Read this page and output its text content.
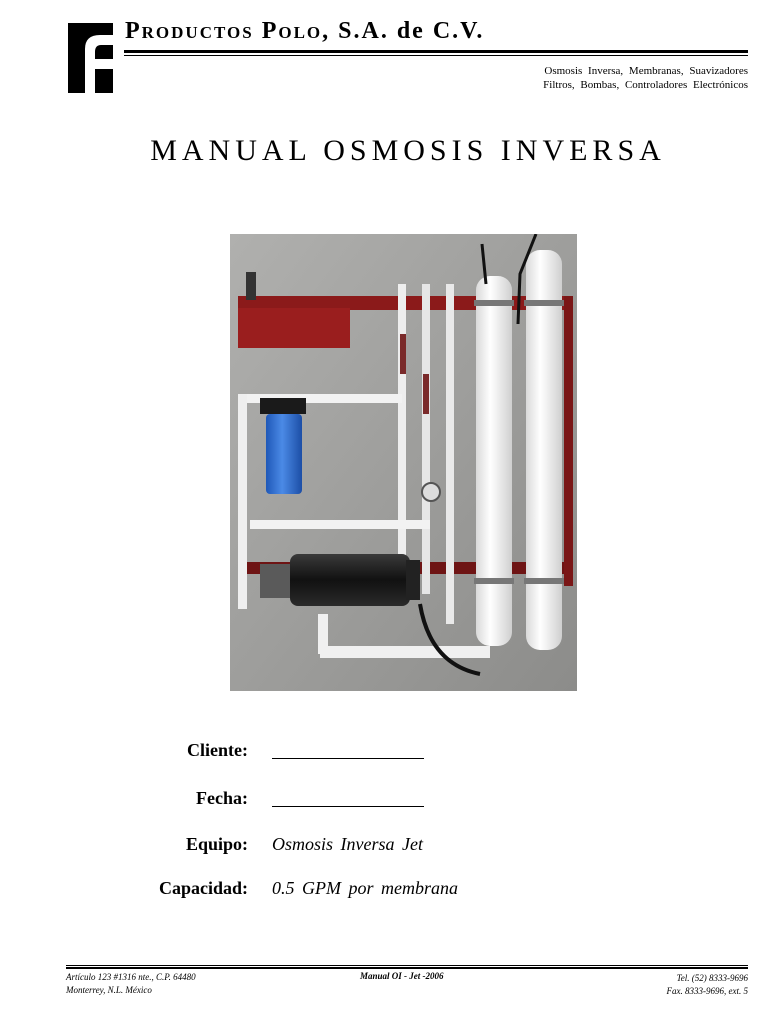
Productos Polo, S.A. de C.V.
Osmosis Inversa, Membranas, Suavizadores
Filtros, Bombas, Controladores Electrónicos
MANUAL OSMOSIS INVERSA
Cliente:
Fecha:
Equipo: Osmosis Inversa Jet
Capacidad: 0.5 GPM por membrana
Artículo 123 #1316 nte., C.P. 64480
Monterrey, N.L. México
Manual OI - Jet -2006	Tel. (52) 8333-9696
Fax. 8333-9696, ext. 5
